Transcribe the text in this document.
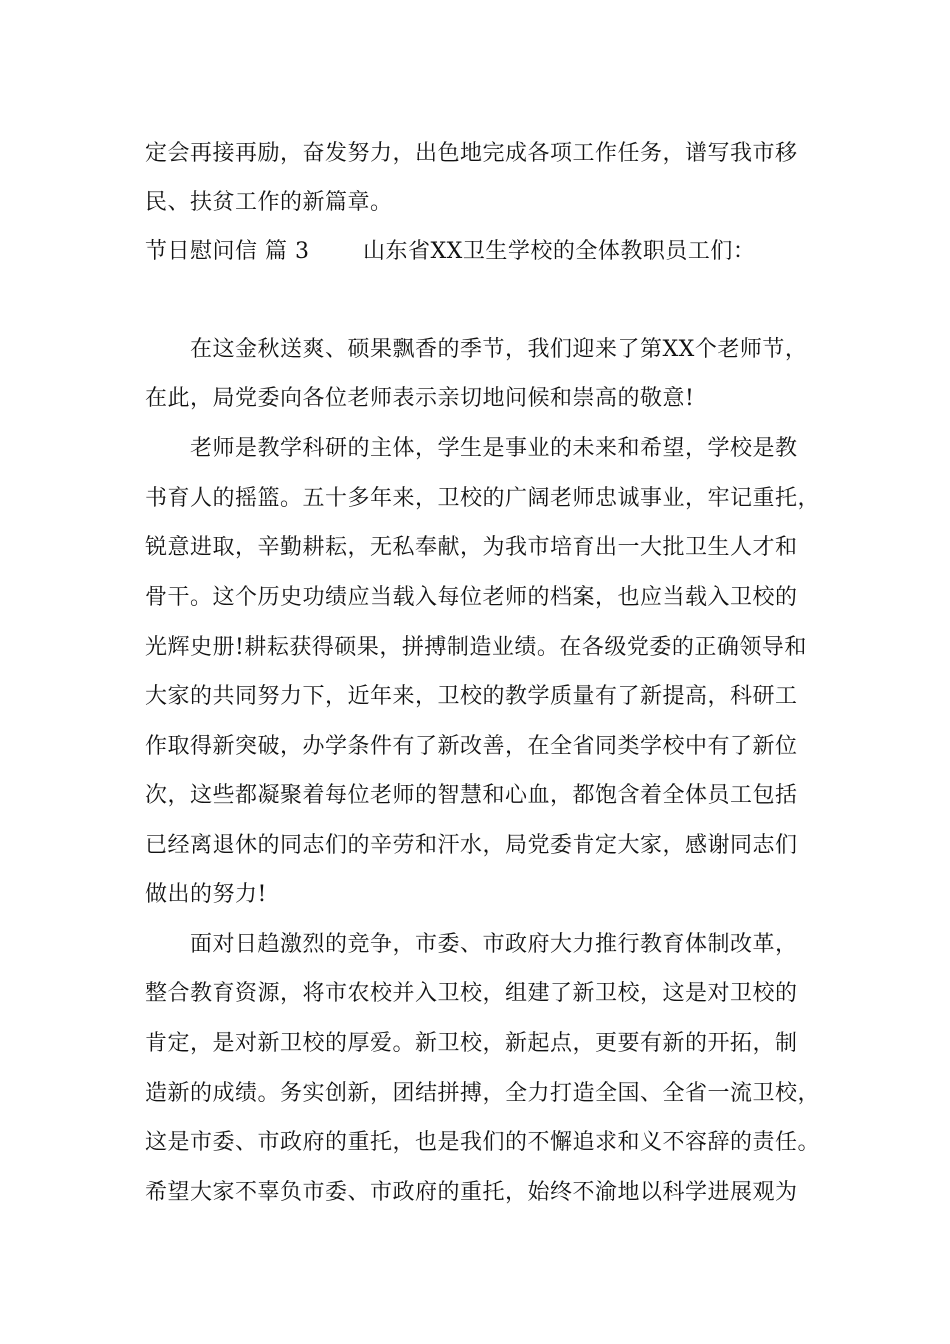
定会再接再励，奋发努力，出色地完成各项工作任务，谱写我市移
民、扶贫工作的新篇章。
节日慰问信 篇 3 山东省XX卫生学校的全体教职员工们：
在这金秋送爽、硕果飘香的季节，我们迎来了第XX个老师节，
在此，局党委向各位老师表示亲切地问候和崇高的敬意!
老师是教学科研的主体，学生是事业的未来和希望，学校是教
书育人的摇篮。五十多年来，卫校的广阔老师忠诚事业，牢记重托，
锐意进取，辛勤耕耘，无私奉献，为我市培育出一大批卫生人才和
骨干。这个历史功绩应当载入每位老师的档案，也应当载入卫校的
光辉史册!耕耘获得硕果，拼搏制造业绩。在各级党委的正确领导和
大家的共同努力下，近年来，卫校的教学质量有了新提高，科研工
作取得新突破，办学条件有了新改善，在全省同类学校中有了新位
次，这些都凝聚着每位老师的智慧和心血，都饱含着全体员工包括
已经离退休的同志们的辛劳和汗水，局党委肯定大家，感谢同志们
做出的努力!
面对日趋激烈的竞争，市委、市政府大力推行教育体制改革，
整合教育资源，将市农校并入卫校，组建了新卫校，这是对卫校的
肯定，是对新卫校的厚爱。新卫校，新起点，更要有新的开拓，制
造新的成绩。务实创新，团结拼搏，全力打造全国、全省一流卫校，
这是市委、市政府的重托，也是我们的不懈追求和义不容辞的责任。
希望大家不辜负市委、市政府的重托，始终不渝地以科学进展观为
